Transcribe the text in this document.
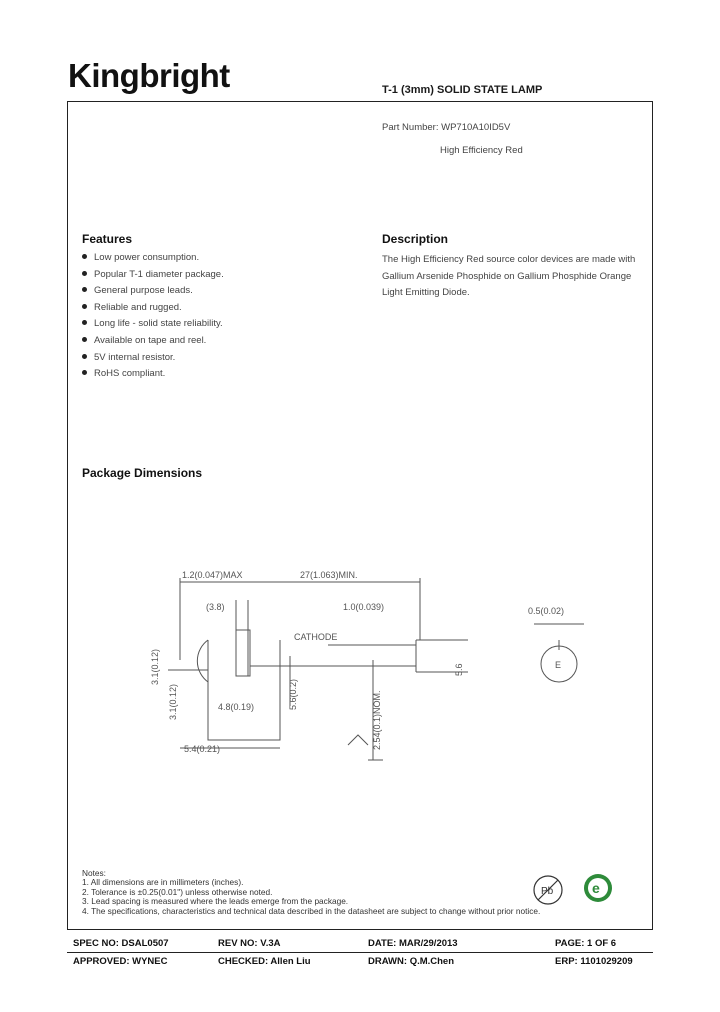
Kingbright	T-1 (3mm) SOLID STATE LAMP
Part Number: WP710A10ID5V
High Efficiency Red
Features
Low power consumption.
Popular T-1 diameter package.
General purpose leads.
Reliable and rugged.
Long life - solid state reliability.
Available on tape and reel.
5V internal resistor.
RoHS compliant.
Description

The High Efficiency Red source color devices are made with

Gallium Arsenide Phosphide on Gallium Phosphide Orange

Light Emitting Diode.

Package Dimensions
1.2(0.047)MAX	27(1.063)MIN.
(3.8)	1.0(0.039)
CATHODE
0.5(0.02)
3.1(0.12)
3.1(0.12)	4.8(0.19)
5.4(0.21)
5.6(0.2)	2.54(0.1)NOM.
5.6	E
Pb	e
Notes:
1. All dimensions are in millimeters (inches).
2. Tolerance is ±0.25(0.01") unless otherwise noted.
3. Lead spacing is measured where the leads emerge from the package.
4. The specifications, characteristics and technical data described in the datasheet are subject to change without prior notice.
SPEC NO: DSAL0507	REV NO: V.3A	DATE: MAR/29/2013	PAGE: 1 OF 6
APPROVED: WYNEC	CHECKED: Allen Liu	DRAWN: Q.M.Chen	ERP: 1101029209
